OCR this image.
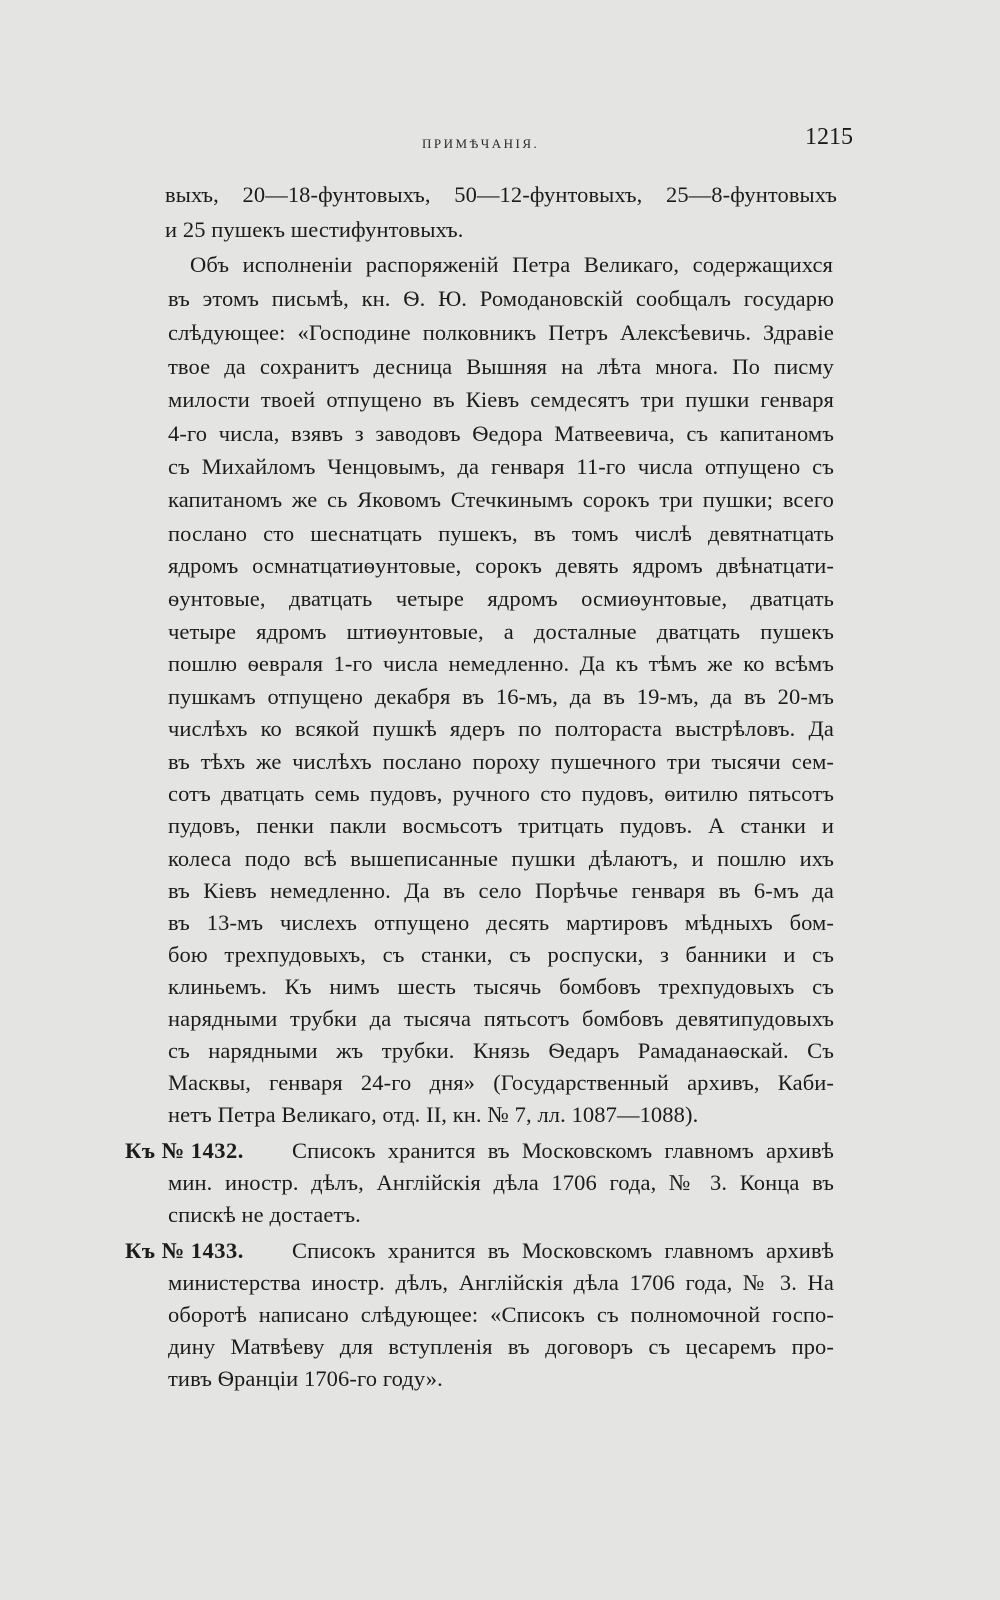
ПРИМѢЧАНІЯ.	1215
выхъ, 20—18-фунтовыхъ, 50—12-фунтовыхъ, 25—8-фунтовыхъ
и 25 пушекъ шестифунтовыхъ.
Объ исполненіи распоряженій Петра Великаго, содержащихся
въ этомъ письмѣ, кн. Ѳ. Ю. Ромодановскій сообщалъ государю
слѣдующее: «Господине полковникъ Петръ Алексѣевичь. Здравіе
твое да сохранитъ десница Вышняя на лѣта многа. По писму
милости твоей отпущено въ Кіевъ семдесятъ три пушки генваря
4-го числа, взявъ з заводовъ Ѳедора Матвеевича, съ капитаномъ
съ Михайломъ Ченцовымъ, да генваря 11-го числа отпущено съ
капитаномъ же сь Яковомъ Стечкинымъ сорокъ три пушки; всего
послано сто шеснатцать пушекъ, въ томъ числѣ девятнатцать
ядромъ осмнатцатиѳунтовые, сорокъ девять ядромъ двѣнатцати-
ѳунтовые, дватцать четыре ядромъ осмиѳунтовые, дватцать
четыре ядромъ штиѳунтовые, а досталные дватцать пушекъ
пошлю ѳевраля 1-го числа немедленно. Да къ тѣмъ же ко всѣмъ
пушкамъ отпущено декабря въ 16-мъ, да въ 19-мъ, да въ 20-мъ
числѣхъ ко всякой пушкѣ ядеръ по полтораста выстрѣловъ. Да
въ тѣхъ же числѣхъ послано пороху пушечного три тысячи сем-
сотъ дватцать семь пудовъ, ручного сто пудовъ, ѳитилю пятьсотъ
пудовъ, пенки пакли восмьсотъ тритцать пудовъ. А станки и
колеса подо всѣ вышеписанные пушки дѣлаютъ, и пошлю ихъ
въ Кіевъ немедленно. Да въ село Порѣчье генваря въ 6-мъ да
въ 13-мъ числехъ отпущено десять мартировъ мѣдныхъ бом-
бою трехпудовыхъ, съ станки, съ роспуски, з банники и съ
клиньемъ. Къ нимъ шесть тысячь бомбовъ трехпудовыхъ съ
нарядными трубки да тысяча пятьсотъ бомбовъ девятипудовыхъ
съ нарядными жъ трубки. Князь Ѳедаръ Рамаданаѳскай. Съ
Масквы, генваря 24-го дня» (Государственный архивъ, Каби-
нетъ Петра Великаго, отд. II, кн. № 7, лл. 1087—1088).
Къ № 1432. Списокъ хранится въ Московскомъ главномъ архивѣ
мин. иностр. дѣлъ, Англійскія дѣла 1706 года, № 3. Конца въ
спискѣ не достаетъ.
Къ № 1433. Списокъ хранится въ Московскомъ главномъ архивѣ
министерства иностр. дѣлъ, Англійскія дѣла 1706 года, № 3. На
оборотѣ написано слѣдующее: «Списокъ съ полномочной госпо-
дину Матвѣеву для вступленія въ договоръ съ цесаремъ про-
тивъ Ѳранціи 1706-го году».
